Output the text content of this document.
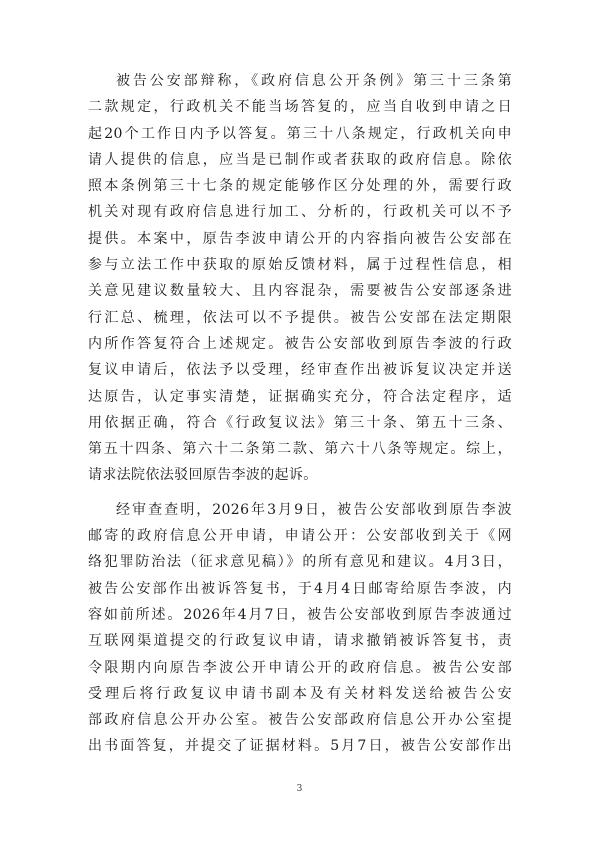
被告公安部辩称，《政府信息公开条例》第三十三条第
二款规定，行政机关不能当场答复的，应当自收到申请之日
起20个工作日内予以答复。第三十八条规定，行政机关向申
请人提供的信息，应当是已制作或者获取的政府信息。除依
照本条例第三十七条的规定能够作区分处理的外，需要行政
机关对现有政府信息进行加工、分析的，行政机关可以不予
提供。本案中，原告李波申请公开的内容指向被告公安部在
参与立法工作中获取的原始反馈材料，属于过程性信息，相
关意见建议数量较大、且内容混杂，需要被告公安部逐条进
行汇总、梳理，依法可以不予提供。被告公安部在法定期限
内所作答复符合上述规定。被告公安部收到原告李波的行政
复议申请后，依法予以受理，经审查作出被诉复议决定并送
达原告，认定事实清楚，证据确实充分，符合法定程序，适
用依据正确，符合《行政复议法》第三十条、第五十三条、
第五十四条、第六十二条第二款、第六十八条等规定。综上，
请求法院依法驳回原告李波的起诉。
经审查查明，2026年3月9日，被告公安部收到原告李波
邮寄的政府信息公开申请，申请公开：公安部收到关于《网
络犯罪防治法（征求意见稿）》的所有意见和建议。4月3日，
被告公安部作出被诉答复书，于4月4日邮寄给原告李波，内
容如前所述。2026年4月7日，被告公安部收到原告李波通过
互联网渠道提交的行政复议申请，请求撤销被诉答复书，责
令限期内向原告李波公开申请公开的政府信息。被告公安部
受理后将行政复议申请书副本及有关材料发送给被告公安
部政府信息公开办公室。被告公安部政府信息公开办公室提
出书面答复，并提交了证据材料。5月7日，被告公安部作出
3
